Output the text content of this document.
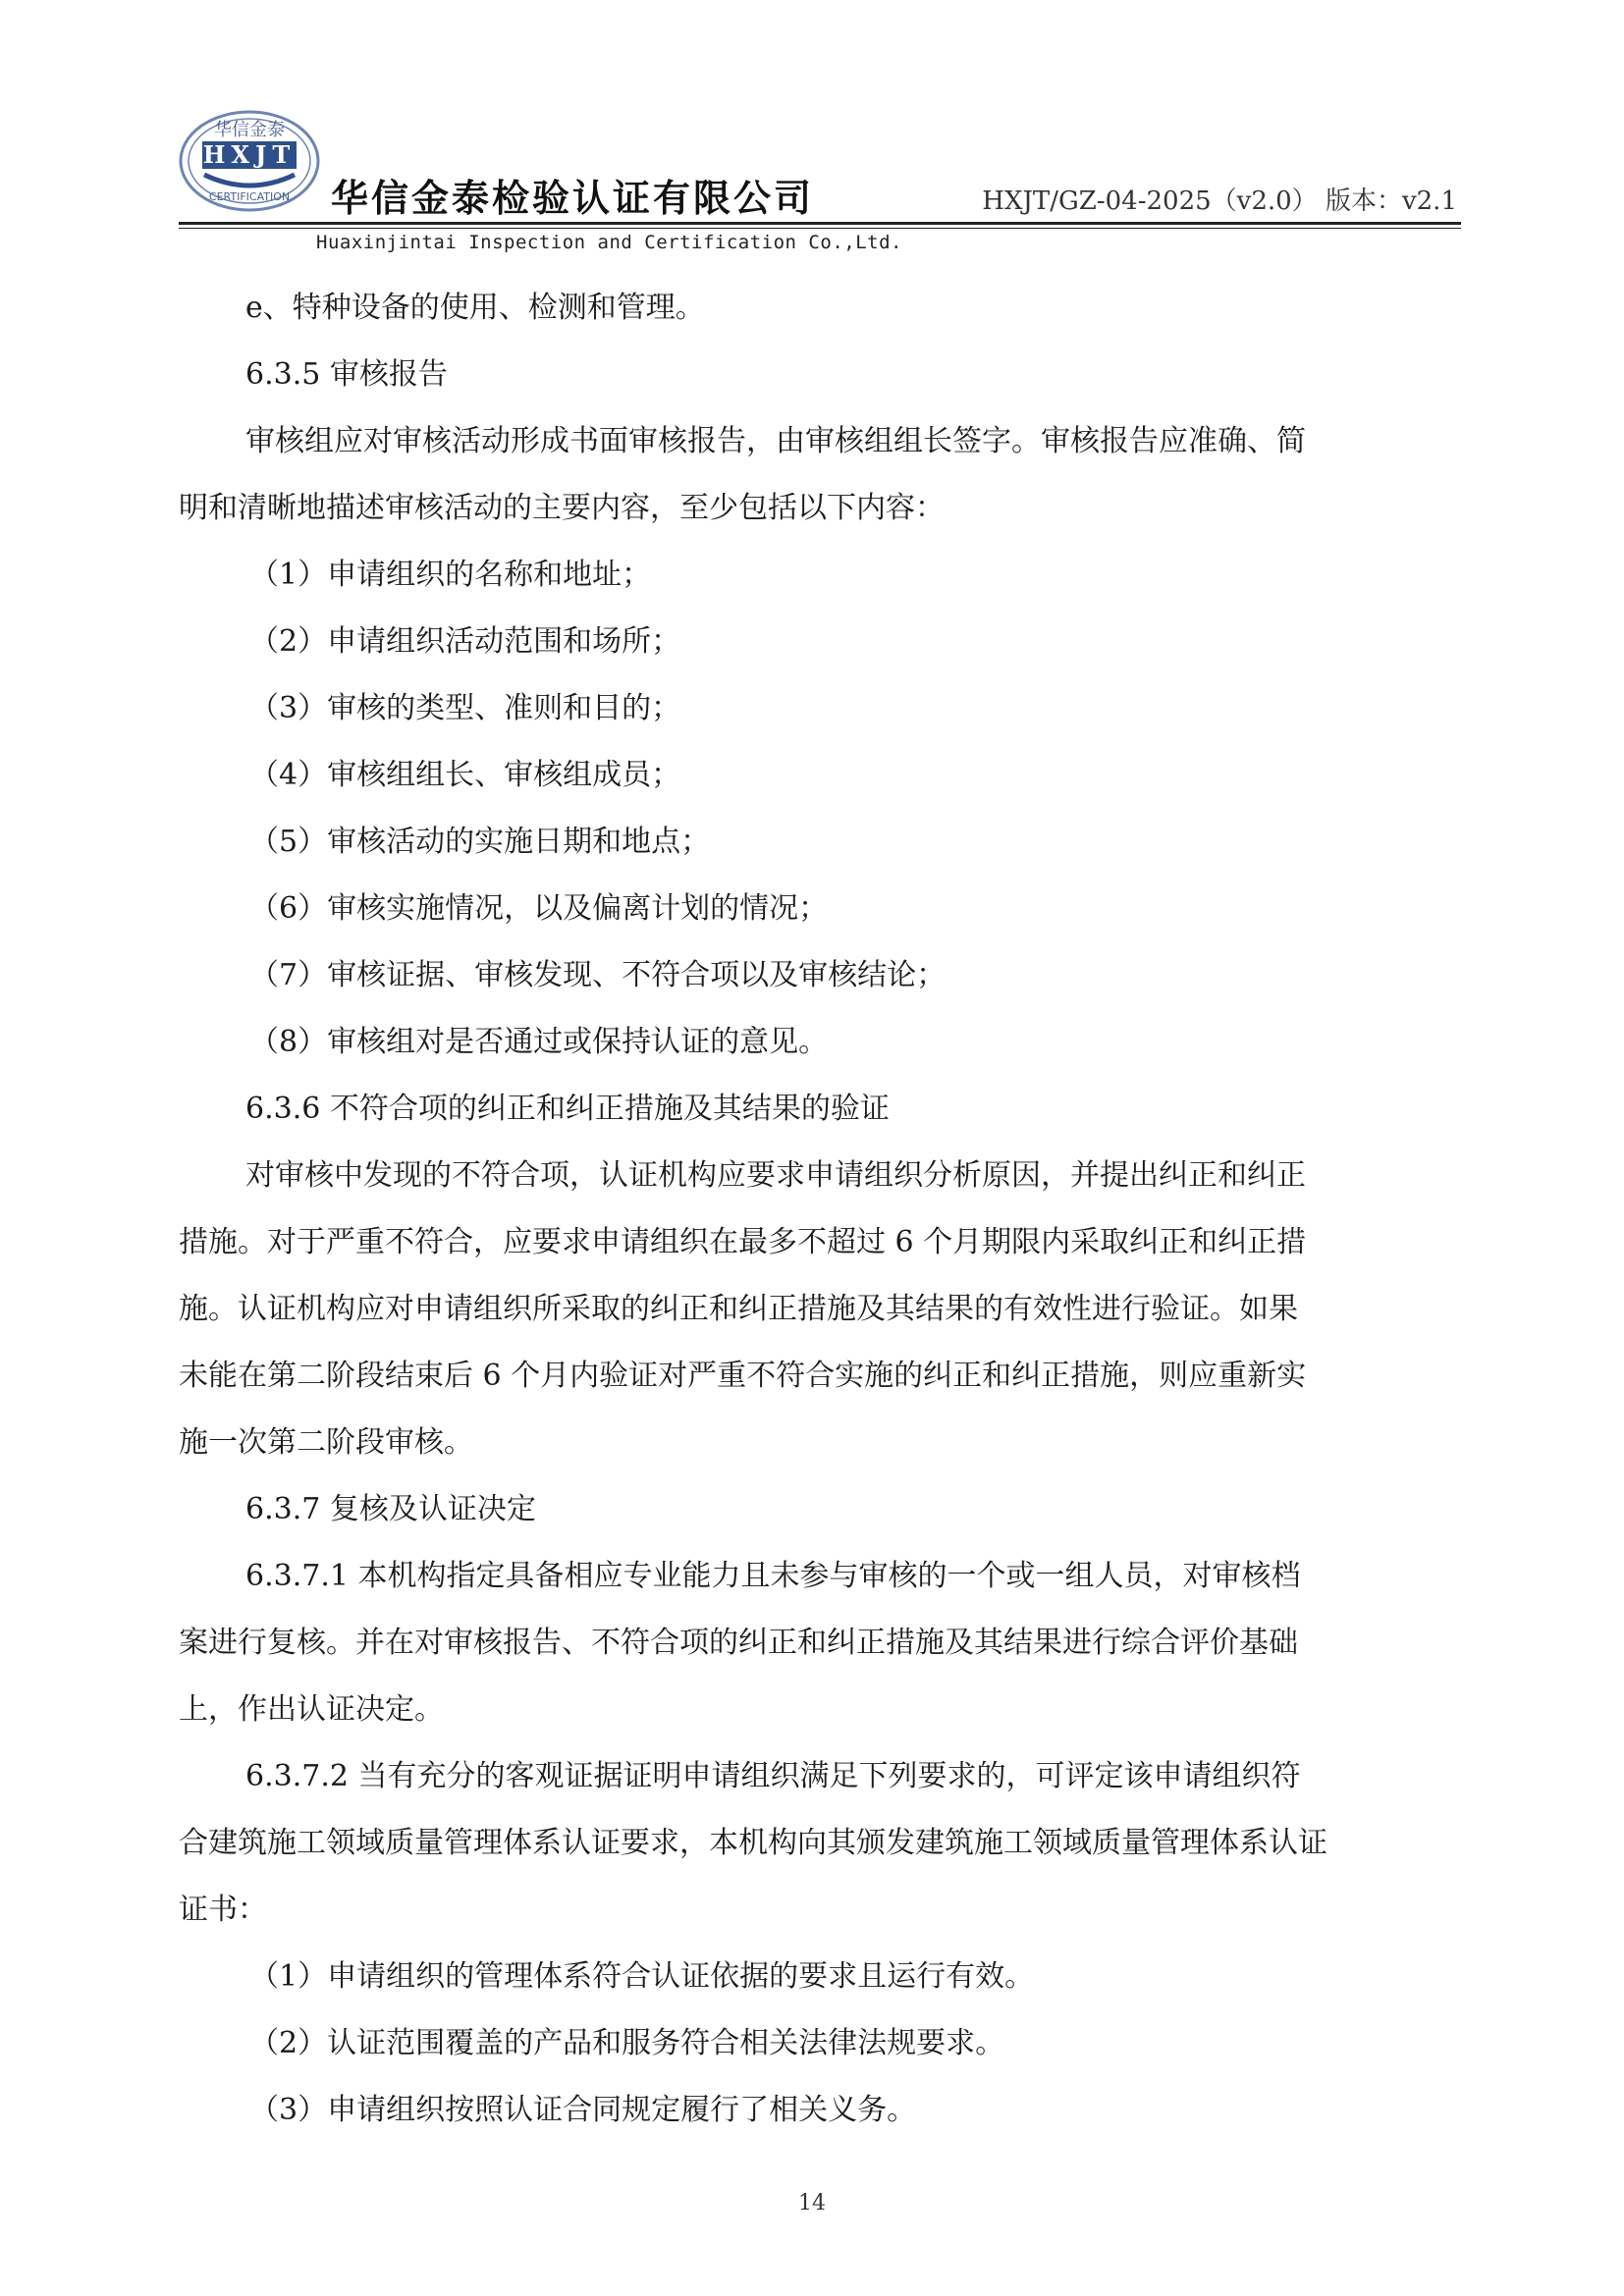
华信金泰
HXJT
CERTIFICATION 华信金泰检验认证有限公司	HXJT/GZ-04-2025（v2.0） 版本：v2.1
Huaxinjintai Inspection and Certification Co.,Ltd.
e、特种设备的使用、检测和管理。
6.3.5 审核报告
审核组应对审核活动形成书面审核报告，由审核组组长签字。审核报告应准确、简
明和清晰地描述审核活动的主要内容，至少包括以下内容：
（1）申请组织的名称和地址；
（2）申请组织活动范围和场所；
（3）审核的类型、准则和目的；
（4）审核组组长、审核组成员；
（5）审核活动的实施日期和地点；
（6）审核实施情况，以及偏离计划的情况；
（7）审核证据、审核发现、不符合项以及审核结论；
（8）审核组对是否通过或保持认证的意见。
6.3.6 不符合项的纠正和纠正措施及其结果的验证
对审核中发现的不符合项，认证机构应要求申请组织分析原因，并提出纠正和纠正
措施。对于严重不符合，应要求申请组织在最多不超过 6 个月期限内采取纠正和纠正措
施。认证机构应对申请组织所采取的纠正和纠正措施及其结果的有效性进行验证。如果
未能在第二阶段结束后 6 个月内验证对严重不符合实施的纠正和纠正措施，则应重新实
施一次第二阶段审核。
6.3.7 复核及认证决定
6.3.7.1 本机构指定具备相应专业能力且未参与审核的一个或一组人员，对审核档
案进行复核。并在对审核报告、不符合项的纠正和纠正措施及其结果进行综合评价基础
上，作出认证决定。
6.3.7.2 当有充分的客观证据证明申请组织满足下列要求的，可评定该申请组织符
合建筑施工领域质量管理体系认证要求，本机构向其颁发建筑施工领域质量管理体系认证
证书：
（1）申请组织的管理体系符合认证依据的要求且运行有效。
（2）认证范围覆盖的产品和服务符合相关法律法规要求。
（3）申请组织按照认证合同规定履行了相关义务。
14
